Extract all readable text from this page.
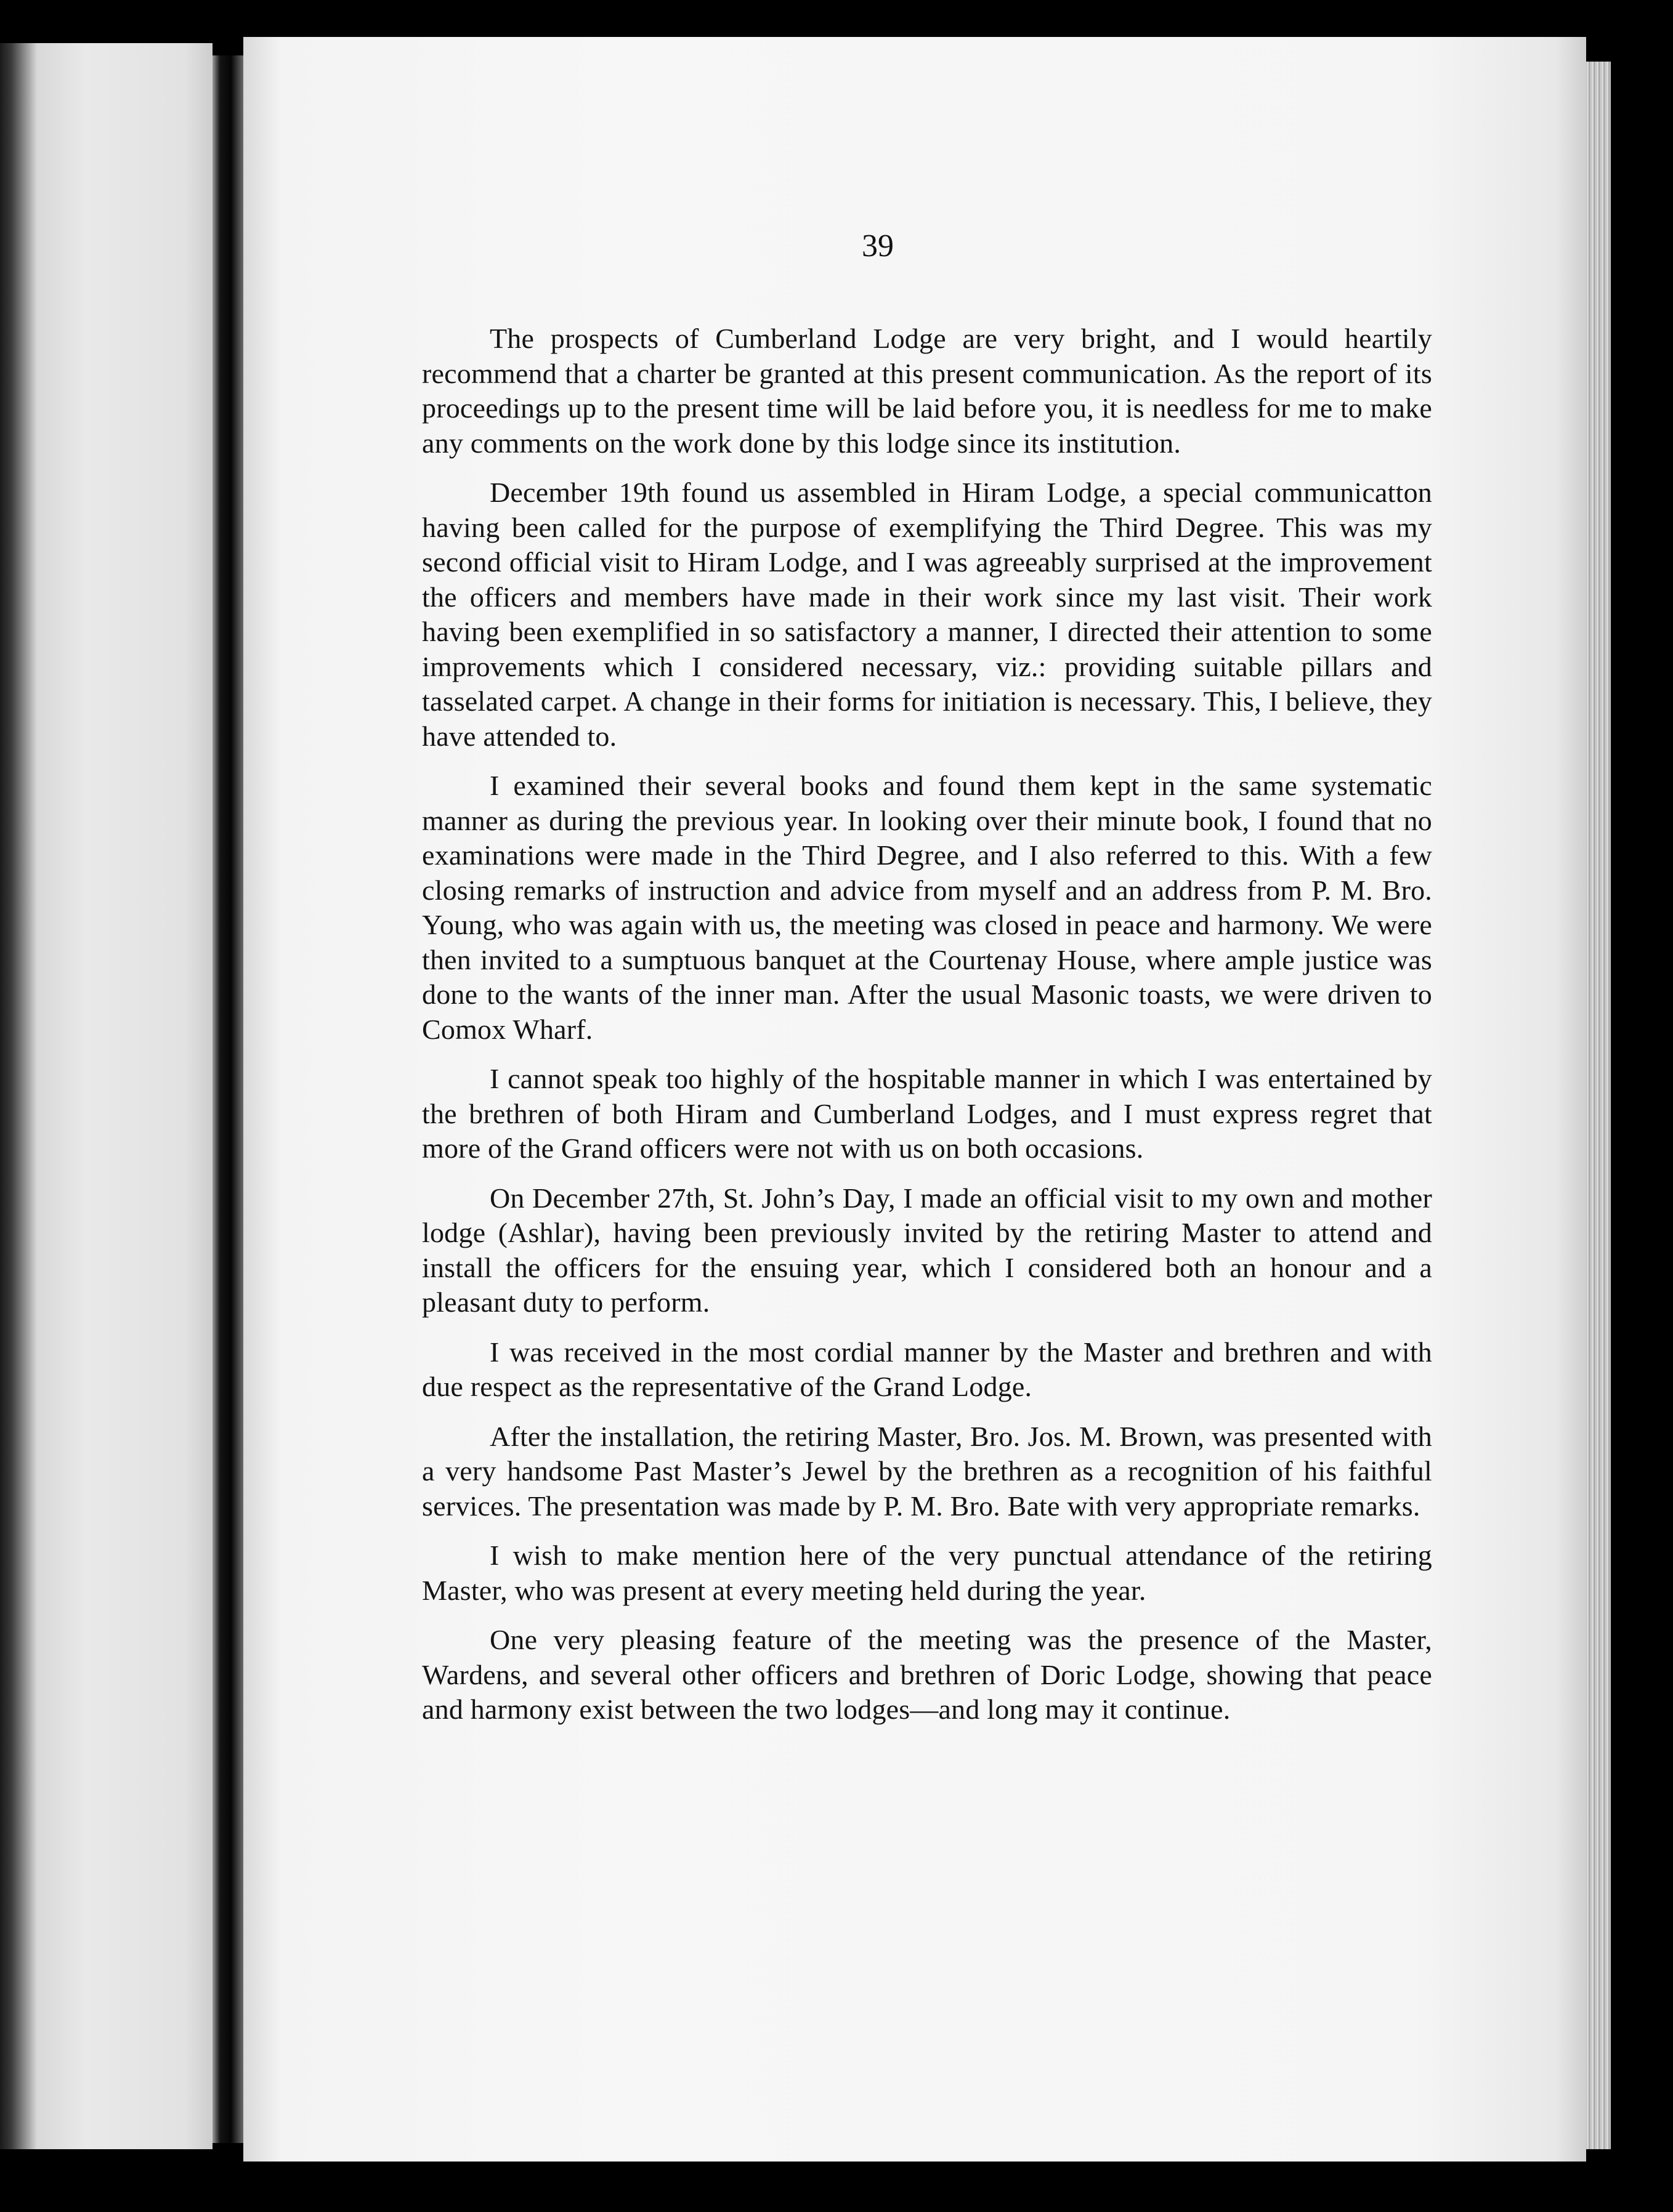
39

The prospects of Cumberland Lodge are very bright, and I would heartily recommend that a charter be granted at this present communication. As the report of its proceedings up to the present time will be laid before you, it is needless for me to make any comments on the work done by this lodge since its institution.

December 19th found us assembled in Hiram Lodge, a special communicatton having been called for the purpose of exemplifying the Third Degree. This was my second official visit to Hiram Lodge, and I was agreeably surprised at the improvement the officers and members have made in their work since my last visit. Their work having been exemplified in so satisfactory a manner, I directed their attention to some improvements which I considered necessary, viz.: providing suitable pillars and tasselated carpet. A change in their forms for initiation is necessary. This, I believe, they have attended to.

I examined their several books and found them kept in the same systematic manner as during the previous year. In looking over their minute book, I found that no examinations were made in the Third Degree, and I also referred to this. With a few closing remarks of instruction and advice from myself and an address from P. M. Bro. Young, who was again with us, the meeting was closed in peace and harmony. We were then invited to a sumptuous banquet at the Courtenay House, where ample justice was done to the wants of the inner man. After the usual Masonic toasts, we were driven to Comox Wharf.

I cannot speak too highly of the hospitable manner in which I was entertained by the brethren of both Hiram and Cumberland Lodges, and I must express regret that more of the Grand officers were not with us on both occasions.

On December 27th, St. John’s Day, I made an official visit to my own and mother lodge (Ashlar), having been previously invited by the retiring Master to attend and install the officers for the ensuing year, which I considered both an honour and a pleasant duty to perform.

I was received in the most cordial manner by the Master and brethren and with due respect as the representative of the Grand Lodge.

After the installation, the retiring Master, Bro. Jos. M. Brown, was presented with a very handsome Past Master’s Jewel by the brethren as a recognition of his faithful services. The presentation was made by P. M. Bro. Bate with very appropriate remarks.

I wish to make mention here of the very punctual attendance of the retiring Master, who was present at every meeting held during the year.

One very pleasing feature of the meeting was the presence of the Master, Wardens, and several other officers and brethren of Doric Lodge, showing that peace and harmony exist between the two lodges—and long may it continue.
